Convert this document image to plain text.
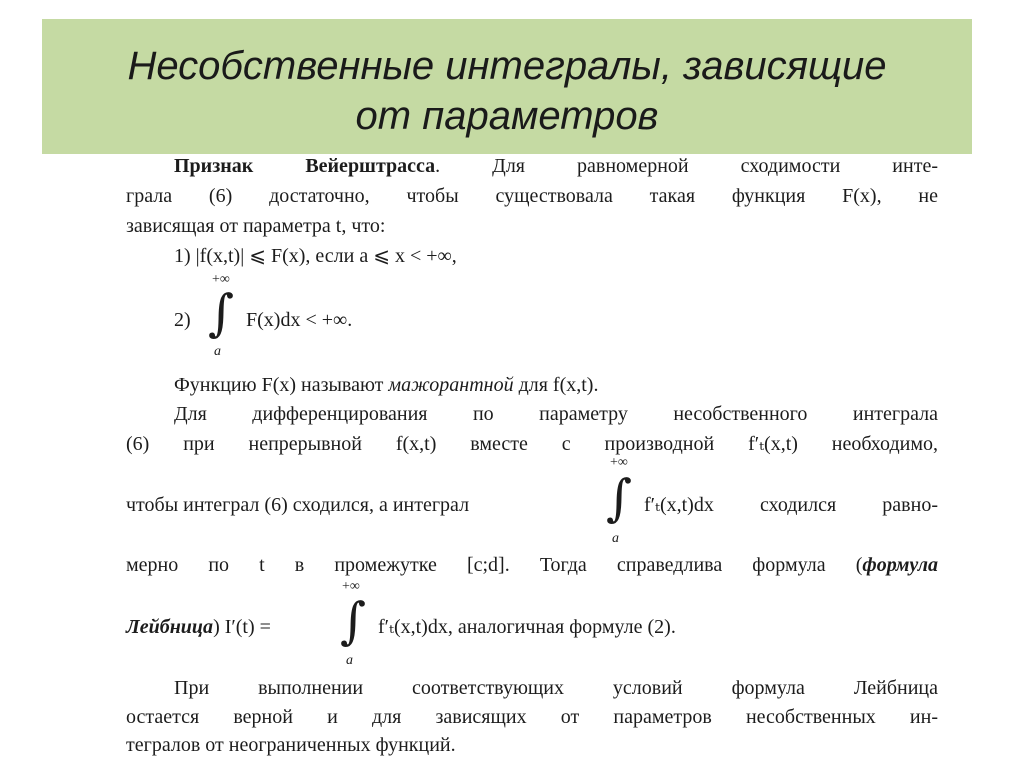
Несобственные интегралы, зависящие

от параметров

Признак Вейерштрасса. Для равномерной сходимости инте-
грала (6) достаточно, чтобы существовала такая функция F(x), не
зависящая от параметра t, что:
1) |f(x,t)| ⩽ F(x), если a ⩽ x < +∞,
+∞
2) ∫ F(x)dx < +∞.
a
Функцию F(x) называют мажорантной для f(x,t).
Для дифференцирования по параметру несобственного интеграла
(6) при непрерывной f(x,t) вместе с производной f′ₜ(x,t) необходимо,
+∞
чтобы интеграл (6) сходился, а интеграл	∫ f′ₜ(x,t)dx сходился равно-
a
мерно по t в промежутке [c;d]. Тогда справедлива формула (формула
+∞
Лейбница) I′(t) =	∫ f′ₜ(x,t)dx, аналогичная формуле (2).
a
При выполнении соответствующих условий формула Лейбница
остается верной и для зависящих от параметров несобственных ин-
тегралов от неограниченных функций.
